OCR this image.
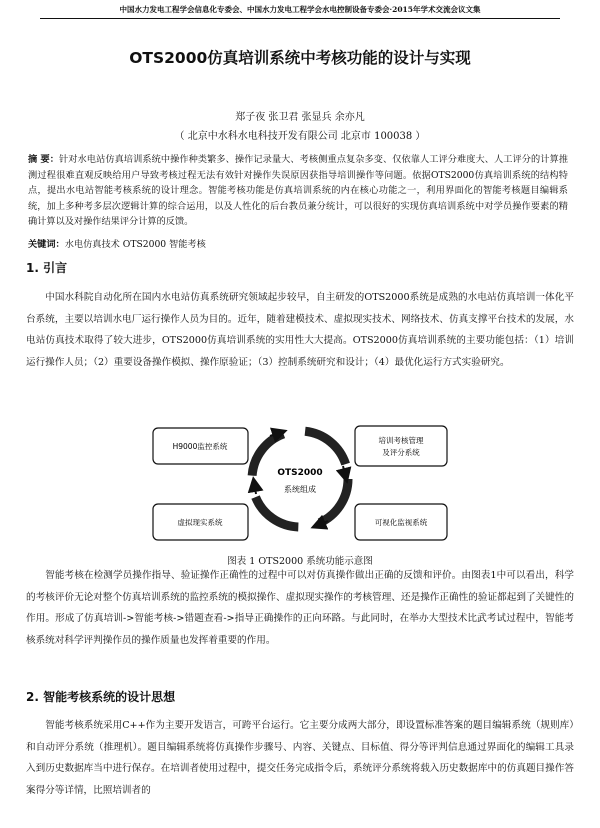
中国水力发电工程学会信息化专委会、中国水力发电工程学会水电控制设备专委会·2015年学术交流会议文集
OTS2000仿真培训系统中考核功能的设计与实现
郑子夜 张卫君 张显兵 余亦凡
（ 北京中水科水电科技开发有限公司 北京市 100038 ）
摘 要：针对水电站仿真培训系统中操作种类繁多、操作记录量大、考核侧重点复杂多变、仅依靠人工评分难度大、人工评分的计算推测过程很难直观反映给用户导致考核过程无法有效针对操作失误原因获指导培训操作等问题。依据OTS2000仿真培训系统的结构特点，提出水电站智能考核系统的设计理念。智能考核功能是仿真培训系统的内在核心功能之一，利用界面化的智能考核题目编辑系统，加上多种考多层次逻辑计算的综合运用，以及人性化的后台教员兼分统计，可以很好的实现仿真培训系统中对学员操作要素的精确计算以及对操作结果评分计算的反馈。
关键词：水电仿真技术 OTS2000 智能考核
1. 引言
中国水科院自动化所在国内水电站仿真系统研究领域起步较早，自主研发的OTS2000系统是成熟的水电站仿真培训一体化平台系统，主要以培训水电厂运行操作人员为目的。近年，随着建模技术、虚拟现实技术、网络技术、仿真支撑平台技术的发展，水电站仿真技术取得了较大进步，OTS2000仿真培训系统的实用性大大提高。OTS2000仿真培训系统的主要功能包括：（1）培训运行操作人员；（2）重要设备操作模拟、操作原验证；（3）控制系统研究和设计；（4）最优化运行方式实验研究。
OTS2000
系统组成
H9000监控系统
培训考核管理
及评分系统
虚拟现实系统	可视化监视系统
图表 1 OTS2000 系统功能示意图
智能考核在检测学员操作指导、验证操作正确性的过程中可以对仿真操作做出正确的反馈和评价。由图表1中可以看出，科学的考核评价无论对整个仿真培训系统的监控系统的模拟操作、虚拟现实操作的考核管理、还是操作正确性的验证都起到了关键性的作用。形成了仿真培训->智能考核->错题查看->指导正确操作的正向环路。与此同时，在举办大型技术比武考试过程中，智能考核系统对科学评判操作员的操作质量也发挥着重要的作用。
2. 智能考核系统的设计思想
智能考核系统采用C++作为主要开发语言，可跨平台运行。它主要分成两大部分，即设置标准答案的题目编辑系统（规则库）和自动评分系统（推理机）。题目编辑系统将仿真操作步骤号、内容、关键点、目标值、得分等评判信息通过界面化的编辑工具录入到历史数据库当中进行保存。在培训者使用过程中，提交任务完成指令后，系统评分系统将载入历史数据库中的仿真题目操作答案得分等详情，比照培训者的
